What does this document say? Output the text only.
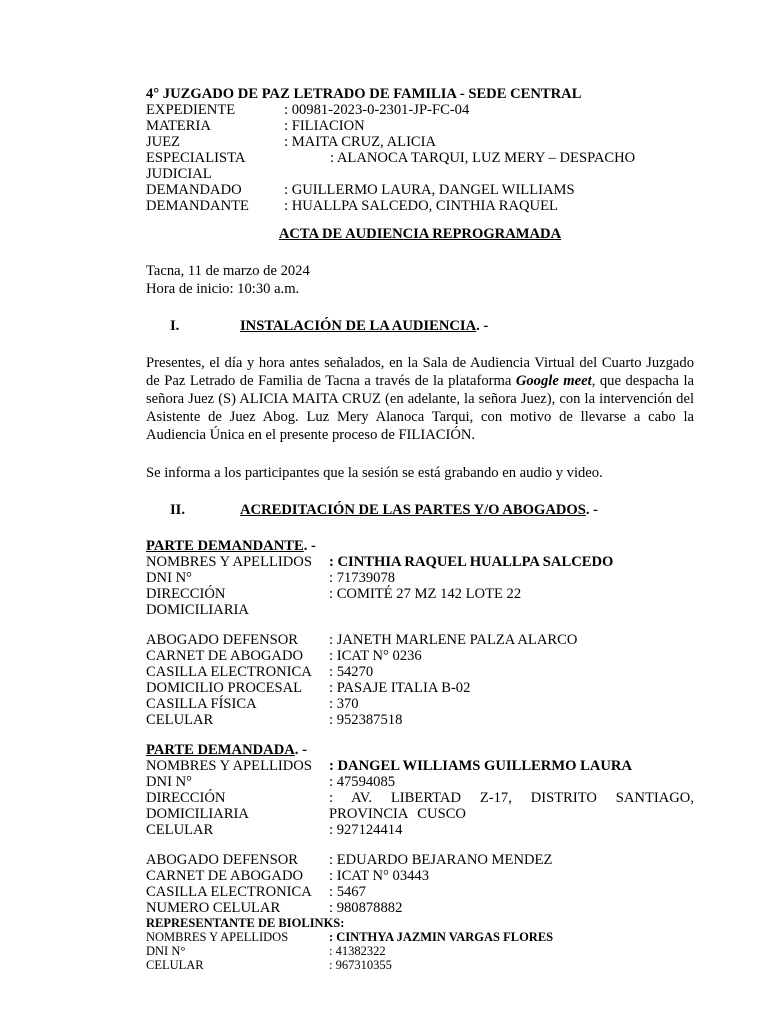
4° JUZGADO DE PAZ LETRADO DE FAMILIA - SEDE CENTRAL
EXPEDIENTE	: 00981-2023-0-2301-JP-FC-04
MATERIA	: FILIACION
JUEZ	: MAITA CRUZ, ALICIA
ESPECIALISTA	: ALANOCA TARQUI, LUZ MERY – DESPACHO
JUDICIAL
DEMANDADO	: GUILLERMO LAURA, DANGEL WILLIAMS
DEMANDANTE	: HUALLPA SALCEDO, CINTHIA RAQUEL
ACTA DE AUDIENCIA REPROGRAMADA
Tacna, 11 de marzo de 2024
Hora de inicio: 10:30 a.m.
I.	INSTALACIÓN DE LA AUDIENCIA. -
Presentes, el día y hora antes señalados, en la Sala de Audiencia Virtual del Cuarto Juzgado de Paz Letrado de Familia de Tacna a través de la plataforma Google meet, que despacha la señora Juez (S) ALICIA MAITA CRUZ (en adelante, la señora Juez), con la intervención del Asistente de Juez Abog. Luz Mery Alanoca Tarqui, con motivo de llevarse a cabo la Audiencia Única en el presente proceso de FILIACIÓN.
Se informa a los participantes que la sesión se está grabando en audio y video.
II.	ACREDITACIÓN DE LAS PARTES Y/O ABOGADOS. -
PARTE DEMANDANTE. -
NOMBRES Y APELLIDOS	: CINTHIA RAQUEL HUALLPA SALCEDO
DNI N°	: 71739078
DIRECCIÓN DOMICILIARIA
: COMITÉ 27 MZ 142 LOTE 22
ABOGADO DEFENSOR	: JANETH MARLENE PALZA ALARCO
CARNET DE ABOGADO	: ICAT N° 0236
CASILLA ELECTRONICA	: 54270
DOMICILIO PROCESAL	: PASAJE ITALIA B-02
CASILLA FÍSICA	: 370
CELULAR	: 952387518
PARTE DEMANDADA. -
NOMBRES Y APELLIDOS	: DANGEL WILLIAMS GUILLERMO LAURA
DNI N°	: 47594085
DIRECCIÓN DOMICILIARIA
: AV. LIBERTAD Z-17, DISTRITO SANTIAGO, PROVINCIA CUSCO
CELULAR	: 927124414
ABOGADO DEFENSOR	: EDUARDO BEJARANO MENDEZ
CARNET DE ABOGADO	: ICAT N° 03443
CASILLA ELECTRONICA	: 5467
NUMERO CELULAR	: 980878882
REPRESENTANTE DE BIOLINKS:
NOMBRES Y APELLIDOS	: CINTHYA JAZMIN VARGAS FLORES
DNI N°	: 41382322
CELULAR	: 967310355
